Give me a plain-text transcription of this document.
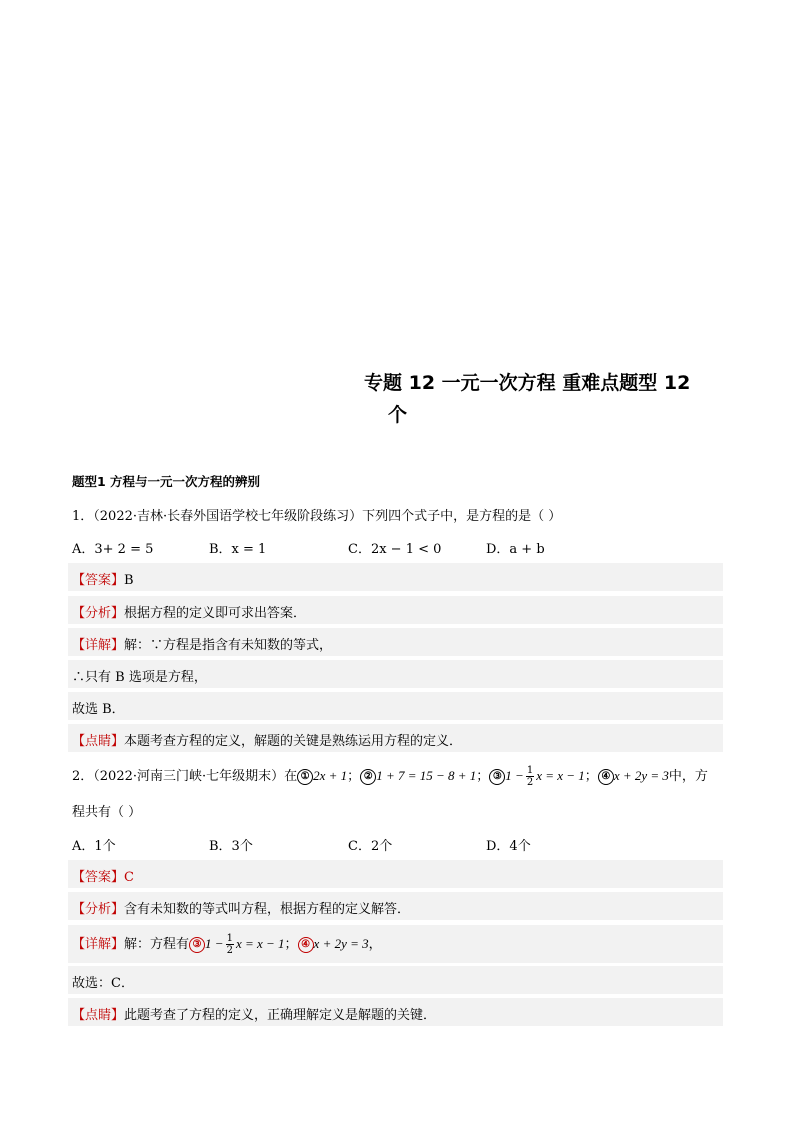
专题 12 一元一次方程 重难点题型 12
个
题型1 方程与一元一次方程的辨别
1．（2022·吉林·长春外国语学校七年级阶段练习）下列四个式子中，是方程的是（ ）
A．3+ 2 = 5	B．x = 1	C．2x − 1 < 0	D．a + b
【答案】B
【分析】根据方程的定义即可求出答案．
【详解】解：∵方程是指含有未知数的等式，
∴只有 B 选项是方程，
故选 B．
【点睛】本题考查方程的定义，解题的关键是熟练运用方程的定义．
2．（2022·河南三门峡·七年级期末）在 ① 2x + 1； ② 1 + 7 = 15 − 8 + 1； ③ $1 - \frac{1}{2}$ x = x − 1； ④ x + 2y = 3中，方
程共有（ ）
A．1个	B．3个	C．2个	D．4个
【答案】C
【分析】含有未知数的等式叫方程，根据方程的定义解答．
【详解】解：方程有 ③ $1 - \frac{1}{2}$ x = x − 1； ④ x + 2y = 3，
故选：C．
【点睛】此题考查了方程的定义，正确理解定义是解题的关键．
